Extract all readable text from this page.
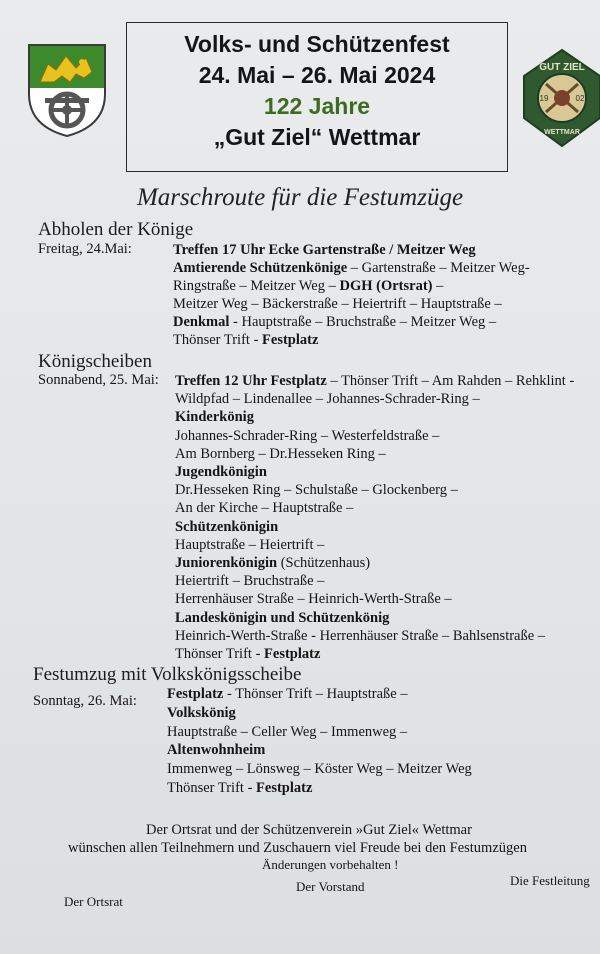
Volks- und Schützenfest
24. Mai – 26. Mai 2024
122 Jahre
„Gut Ziel“ Wettmar
GUT ZIEL
WETTMAR
19	02
Marschroute für die Festumzüge
Abholen der Könige
Freitag, 24.Mai:	Treffen 17 Uhr Ecke Gartenstraße / Meitzer Weg
Amtierende Schützenkönige – Gartenstraße – Meitzer Weg-
Ringstraße – Meitzer Weg – DGH (Ortsrat) –
Meitzer Weg – Bäckerstraße – Heiertrift – Hauptstraße –
Denkmal - Hauptstraße – Bruchstraße – Meitzer Weg –
Thönser Trift - Festplatz
Königscheiben
Sonnabend, 25. Mai: Treffen 12 Uhr Festplatz – Thönser Trift – Am Rahden – Rehklint -
Wildpfad – Lindenallee – Johannes-Schrader-Ring –
Kinderkönig
Johannes-Schrader-Ring – Westerfeldstraße –
Am Bornberg – Dr.Hesseken Ring –
Jugendkönigin
Dr.Hesseken Ring – Schulstaße – Glockenberg –
An der Kirche – Hauptstraße –
Schützenkönigin
Hauptstraße – Heiertrift –
Juniorenkönigin (Schützenhaus)
Heiertrift – Bruchstraße –
Herrenhäuser Straße – Heinrich-Werth-Straße –
Landeskönigin und Schützenkönig
Heinrich-Werth-Straße - Herrenhäuser Straße – Bahlsenstraße –
Thönser Trift - Festplatz
Festumzug mit Volkskönigsscheibe
Sonntag, 26. Mai: Festplatz - Thönser Trift – Hauptstraße –
Volkskönig
Hauptstraße – Celler Weg – Immenweg –
Altenwohnheim
Immenweg – Lönsweg – Köster Weg – Meitzer Weg
Thönser Trift - Festplatz
Der Ortsrat und der Schützenverein »Gut Ziel« Wettmar
wünschen allen Teilnehmern und Zuschauern viel Freude bei den Festumzügen
Änderungen vorbehalten !
Der Ortsrat
Der Vorstand	Die Festleitung
